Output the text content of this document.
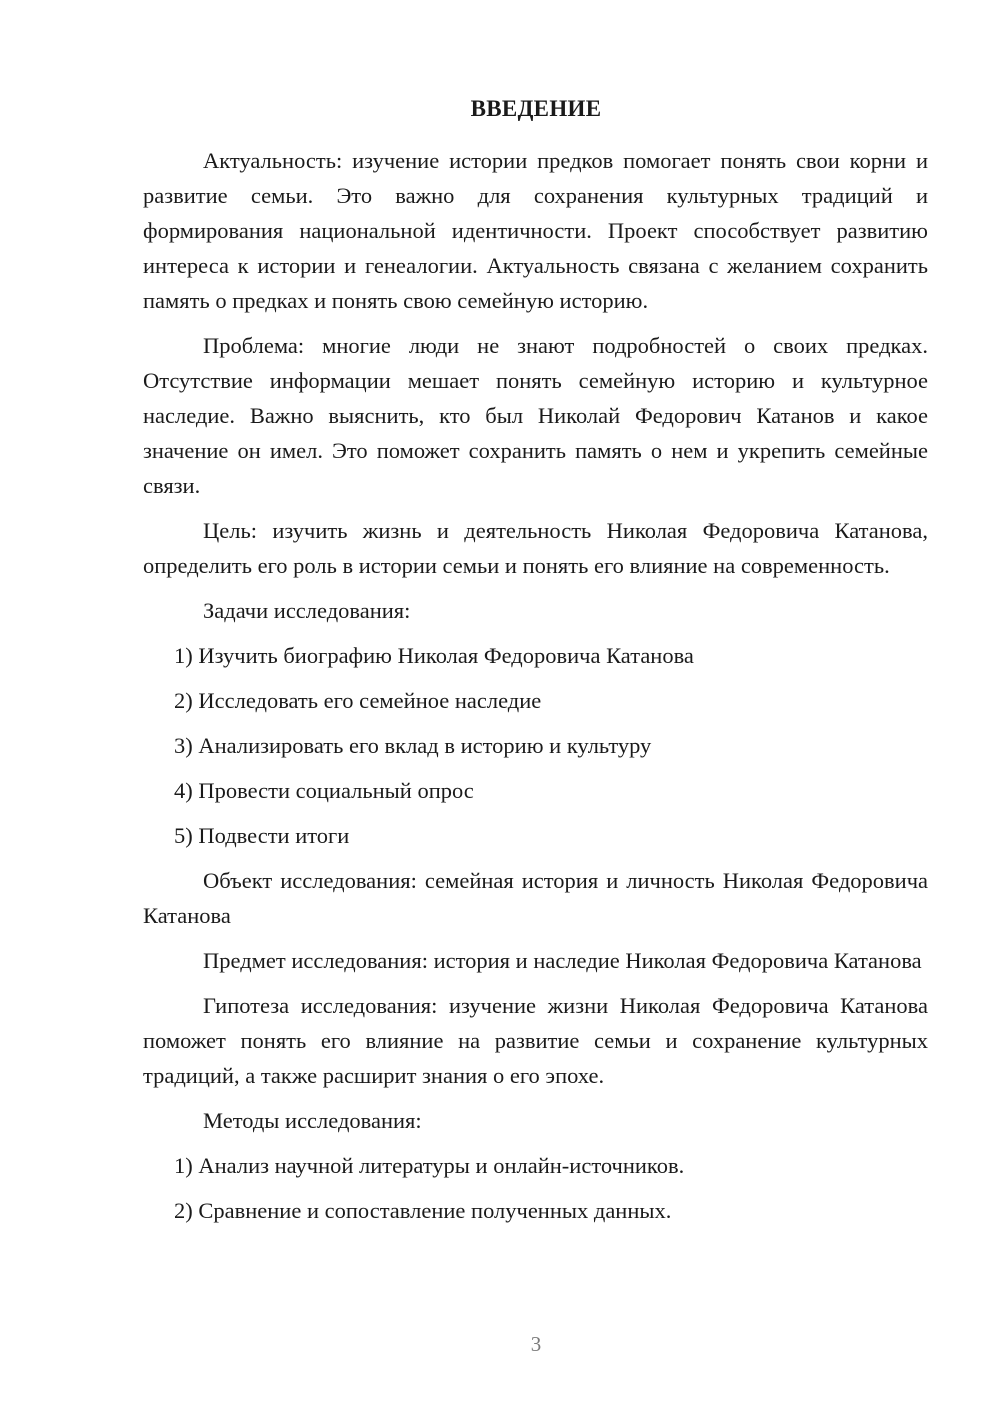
ВВЕДЕНИЕ

Актуальность: изучение истории предков помогает понять свои корни и развитие семьи. Это важно для сохранения культурных традиций и формирования национальной идентичности. Проект способствует развитию интереса к истории и генеалогии. Актуальность связана с желанием сохранить память о предках и понять свою семейную историю.

Проблема: многие люди не знают подробностей о своих предках. Отсутствие информации мешает понять семейную историю и культурное наследие. Важно выяснить, кто был Николай Федорович Катанов и какое значение он имел. Это поможет сохранить память о нем и укрепить семейные связи.

Цель: изучить жизнь и деятельность Николая Федоровича Катанова, определить его роль в истории семьи и понять его влияние на современность.

Задачи исследования:

1) Изучить биографию Николая Федоровича Катанова

2) Исследовать его семейное наследие

3) Анализировать его вклад в историю и культуру

4) Провести социальный опрос

5) Подвести итоги

Объект исследования: семейная история и личность Николая Федоровича Катанова

Предмет исследования: история и наследие Николая Федоровича Катанова

Гипотеза исследования: изучение жизни Николая Федоровича Катанова поможет понять его влияние на развитие семьи и сохранение культурных традиций, а также расширит знания о его эпохе.

Методы исследования:

1) Анализ научной литературы и онлайн-источников.

2) Сравнение и сопоставление полученных данных.

3
